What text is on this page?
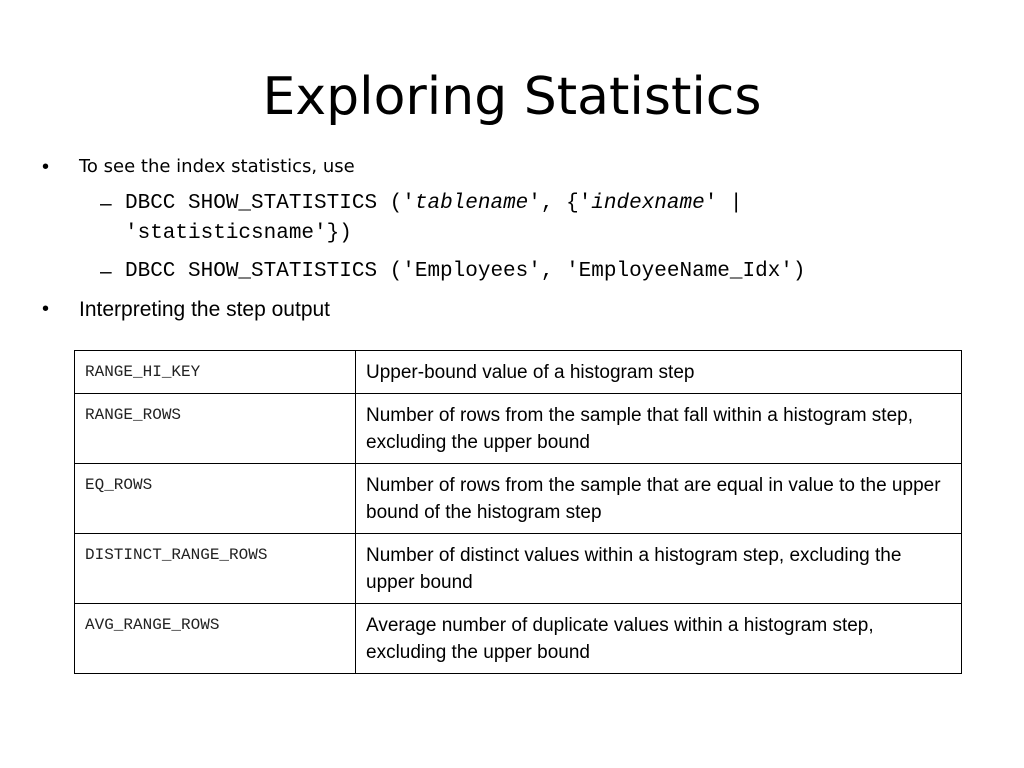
Exploring Statistics
• To see the index statistics, use
– DBCC SHOW_STATISTICS ('tablename', {'indexname' |
'statisticsname'})
– DBCC SHOW_STATISTICS ('Employees', 'EmployeeName_Idx')
• Interpreting the step output
RANGE_HI_KEY	Upper-bound value of a histogram step
RANGE_ROWS	Number of rows from the sample that fall within a histogram step, excluding the upper bound
EQ_ROWS	Number of rows from the sample that are equal in value to the upper bound of the histogram step
DISTINCT_RANGE_ROWS	Number of distinct values within a histogram step, excluding the upper bound
AVG_RANGE_ROWS	Average number of duplicate values within a histogram step, excluding the upper bound
